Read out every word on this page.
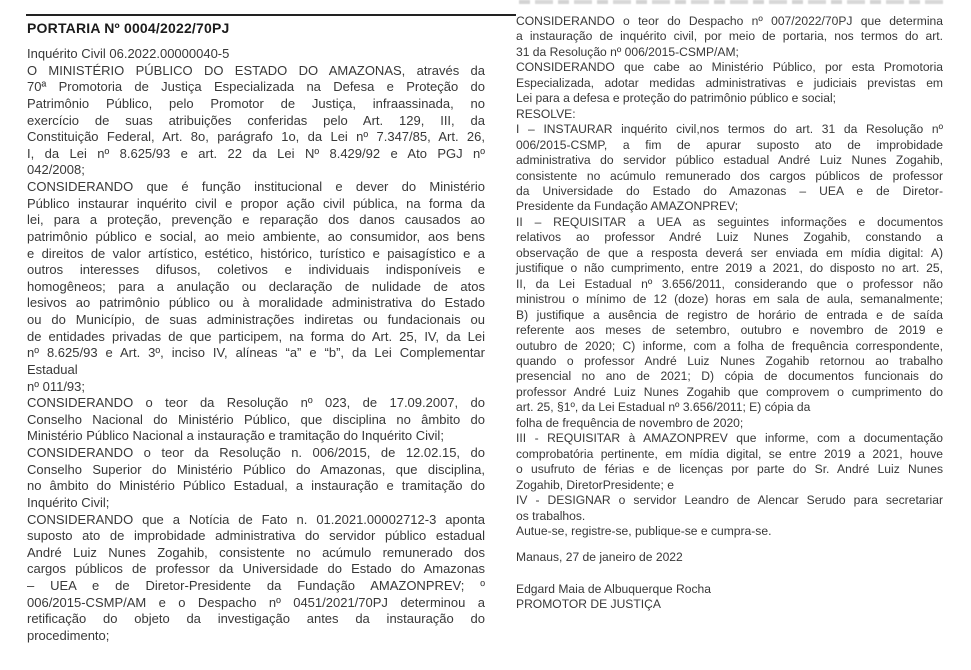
PORTARIA Nº 0004/2022/70PJ
Inquérito Civil 06.2022.00000040-5
O MINISTÉRIO PÚBLICO DO ESTADO DO AMAZONAS, através da
70ª Promotoria de Justiça Especializada na Defesa e Proteção do
Patrimônio Público, pelo Promotor de Justiça, infraassinada, no
exercício de suas atribuições conferidas pelo Art. 129, III, da
Constituição Federal, Art. 8o, parágrafo 1o, da Lei nº 7.347/85, Art. 26,
I, da Lei nº 8.625/93 e art. 22 da Lei Nº 8.429/92 e Ato PGJ nº
042/2008;
CONSIDERANDO que é função institucional e dever do Ministério
Público instaurar inquérito civil e propor ação civil pública, na forma da
lei, para a proteção, prevenção e reparação dos danos causados ao
patrimônio público e social, ao meio ambiente, ao consumidor, aos bens
e direitos de valor artístico, estético, histórico, turístico e paisagístico e a
outros interesses difusos, coletivos e individuais indisponíveis e
homogêneos; para a anulação ou declaração de nulidade de atos
lesivos ao patrimônio público ou à moralidade administrativa do Estado
ou do Município, de suas administrações indiretas ou fundacionais ou
de entidades privadas de que participem, na forma do Art. 25, IV, da Lei
nº 8.625/93 e Art. 3º, inciso IV, alíneas “a” e “b”, da Lei Complementar
Estadual
nº 011/93;
CONSIDERANDO o teor da Resolução nº 023, de 17.09.2007, do
Conselho Nacional do Ministério Público, que disciplina no âmbito do
Ministério Público Nacional a instauração e tramitação do Inquérito Civil;
CONSIDERANDO o teor da Resolução n. 006/2015, de 12.02.15, do
Conselho Superior do Ministério Público do Amazonas, que disciplina,
no âmbito do Ministério Público Estadual, a instauração e tramitação do
Inquérito Civil;
CONSIDERANDO que a Notícia de Fato n. 01.2021.00002712-3 aponta
suposto ato de improbidade administrativa do servidor público estadual
André Luiz Nunes Zogahib, consistente no acúmulo remunerado dos
cargos públicos de professor da Universidade do Estado do Amazonas
– UEA e de Diretor-Presidente da Fundação AMAZONPREV; º
006/2015-CSMP/AM e o Despacho nº 0451/2021/70PJ determinou a
retificação do objeto da investigação antes da instauração do
procedimento;
CONSIDERANDO o teor do Despacho nº 007/2022/70PJ que determina
a instauração de inquérito civil, por meio de portaria, nos termos do art.
31 da Resolução nº 006/2015-CSMP/AM;
CONSIDERANDO que cabe ao Ministério Público, por esta Promotoria
Especializada, adotar medidas administrativas e judiciais previstas em
Lei para a defesa e proteção do patrimônio público e social;
RESOLVE:
I – INSTAURAR inquérito civil,nos termos do art. 31 da Resolução nº
006/2015-CSMP, a fim de apurar suposto ato de improbidade
administrativa do servidor público estadual André Luiz Nunes Zogahib,
consistente no acúmulo remunerado dos cargos públicos de professor
da Universidade do Estado do Amazonas – UEA e de Diretor-
Presidente da Fundação AMAZONPREV;
II – REQUISITAR a UEA as seguintes informações e documentos
relativos ao professor André Luiz Nunes Zogahib, constando a
observação de que a resposta deverá ser enviada em mídia digital: A)
justifique o não cumprimento, entre 2019 a 2021, do disposto no art. 25,
II, da Lei Estadual nº 3.656/2011, considerando que o professor não
ministrou o mínimo de 12 (doze) horas em sala de aula, semanalmente;
B) justifique a ausência de registro de horário de entrada e de saída
referente aos meses de setembro, outubro e novembro de 2019 e
outubro de 2020; C) informe, com a folha de frequência correspondente,
quando o professor André Luiz Nunes Zogahib retornou ao trabalho
presencial no ano de 2021; D) cópia de documentos funcionais do
professor André Luiz Nunes Zogahib que comprovem o cumprimento do
art. 25, §1º, da Lei Estadual nº 3.656/2011; E) cópia da
folha de frequência de novembro de 2020;
III - REQUISITAR à AMAZONPREV que informe, com a documentação
comprobatória pertinente, em mídia digital, se entre 2019 a 2021, houve
o usufruto de férias e de licenças por parte do Sr. André Luiz Nunes
Zogahib, DiretorPresidente; e
IV - DESIGNAR o servidor Leandro de Alencar Serudo para secretariar
os trabalhos.
Autue-se, registre-se, publique-se e cumpra-se.
Manaus, 27 de janeiro de 2022
Edgard Maia de Albuquerque Rocha
PROMOTOR DE JUSTIÇA
